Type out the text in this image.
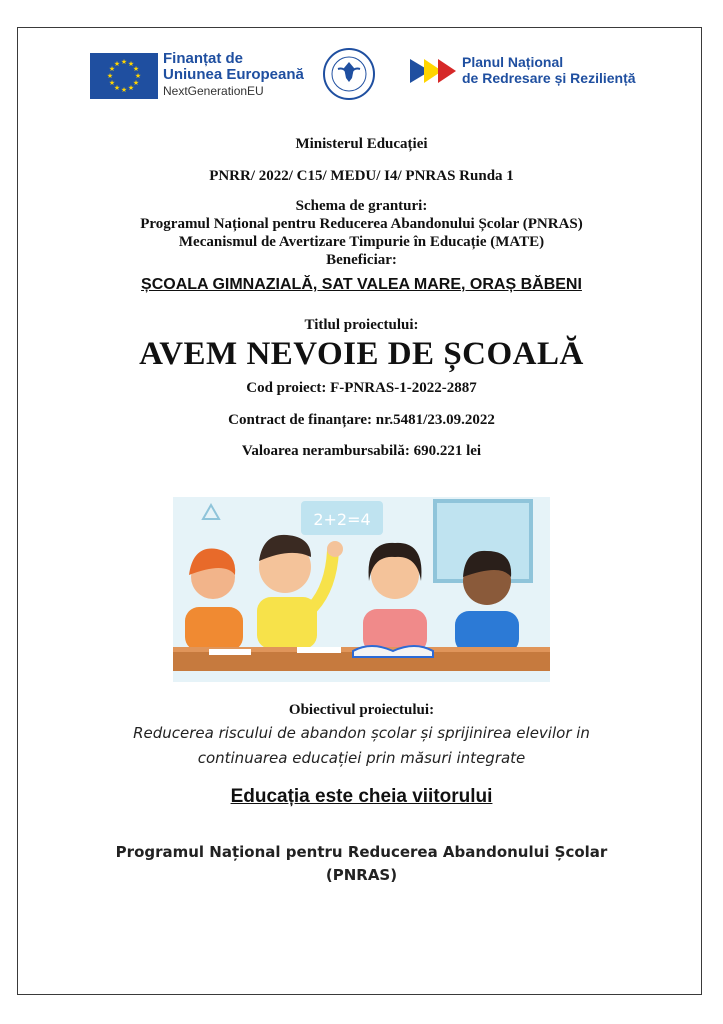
★ ★
★
★
★
★
★
★
★
★
★
★	Finanțat de
Uniunea Europeană
NextGenerationEU
Planul Național
de Redresare și Reziliență
Ministerul Educației
PNRR/ 2022/ C15/ MEDU/ I4/ PNRAS Runda 1
Schema de granturi:
Programul Național pentru Reducerea Abandonului Școlar (PNRAS)
Mecanismul de Avertizare Timpurie în Educație (MATE)
Beneficiar:
ȘCOALA GIMNAZIALĂ, SAT VALEA MARE, ORAȘ BĂBENI
Titlul proiectului:
AVEM NEVOIE DE ȘCOALĂ
Cod proiect: F-PNRAS-1-2022-2887
Contract de finanțare: nr.5481/23.09.2022
Valoarea nerambursabilă: 690.221 lei
2+2=4
Obiectivul proiectului:
Reducerea riscului de abandon școlar și sprijinirea elevilor in
continuarea educației prin măsuri integrate
Educația este cheia viitorului
Programul Național pentru Reducerea Abandonului Școlar
(PNRAS)
